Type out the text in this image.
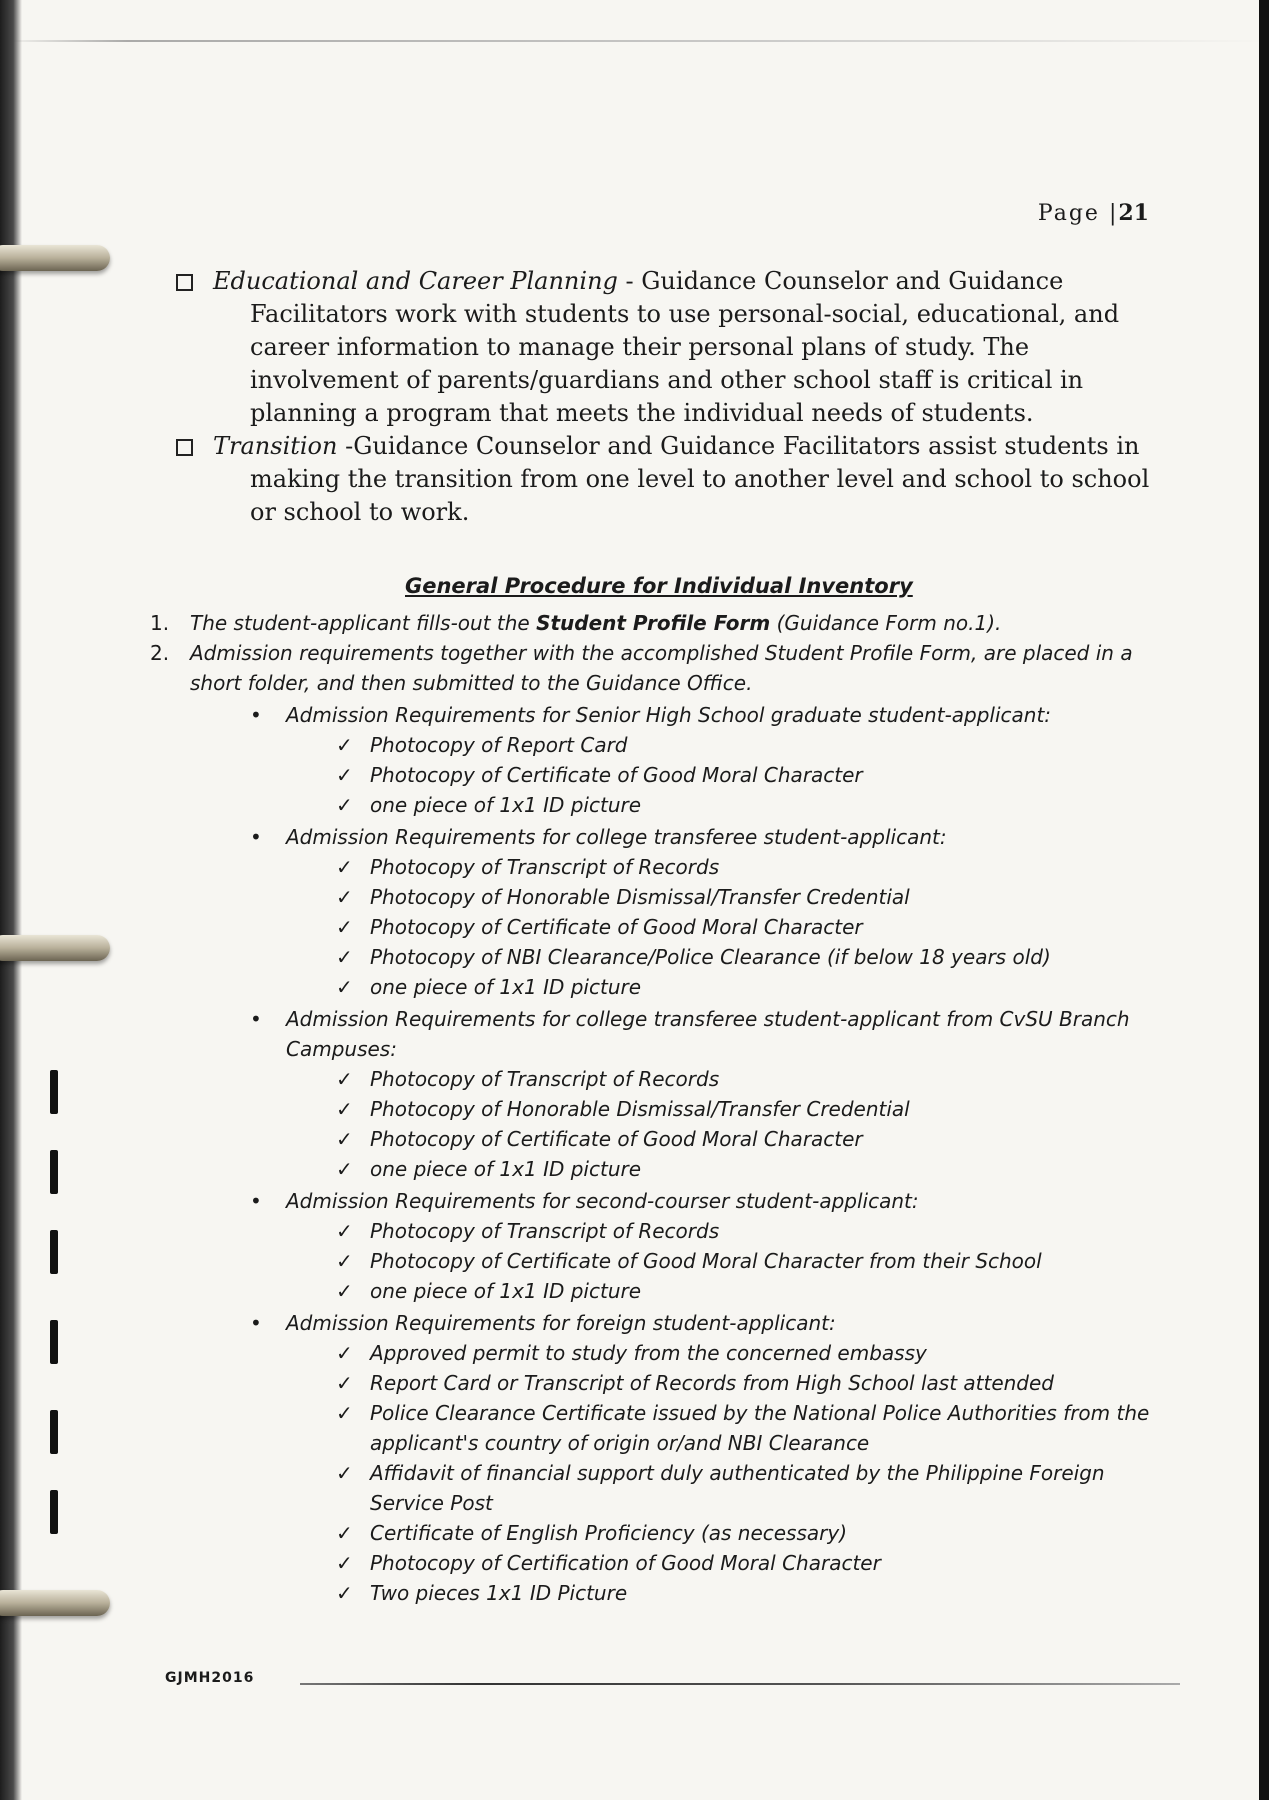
Page |21
Educational and Career Planning - Guidance Counselor and Guidance Facilitators work with students to use personal-social, educational, and career information to manage their personal plans of study. The involvement of parents/guardians and other school staff is critical in planning a program that meets the individual needs of students.
Transition -Guidance Counselor and Guidance Facilitators assist students in making the transition from one level to another level and school to school or school to work.
General Procedure for Individual Inventory
1.	The student-applicant fills-out the Student Profile Form (Guidance Form no.1).
2.	Admission requirements together with the accomplished Student Profile Form, are placed in a short folder, and then submitted to the Guidance Office.
•	Admission Requirements for Senior High School graduate student-applicant:
✓ Photocopy of Report Card
✓ Photocopy of Certificate of Good Moral Character
✓ one piece of 1x1 ID picture
•	Admission Requirements for college transferee student-applicant:
✓ Photocopy of Transcript of Records
✓ Photocopy of Honorable Dismissal/Transfer Credential
✓ Photocopy of Certificate of Good Moral Character
✓ Photocopy of NBI Clearance/Police Clearance (if below 18 years old)
✓ one piece of 1x1 ID picture
•	Admission Requirements for college transferee student-applicant from CvSU Branch Campuses:
✓ Photocopy of Transcript of Records
✓ Photocopy of Honorable Dismissal/Transfer Credential
✓ Photocopy of Certificate of Good Moral Character
✓ one piece of 1x1 ID picture
•	Admission Requirements for second-courser student-applicant:
✓ Photocopy of Transcript of Records
✓ Photocopy of Certificate of Good Moral Character from their School
✓ one piece of 1x1 ID picture
•	Admission Requirements for foreign student-applicant:
✓ Approved permit to study from the concerned embassy
✓ Report Card or Transcript of Records from High School last attended
✓ Police Clearance Certificate issued by the National Police Authorities from the applicant's country of origin or/and NBI Clearance
✓ Affidavit of financial support duly authenticated by the Philippine Foreign Service Post
✓ Certificate of English Proficiency (as necessary)
✓ Photocopy of Certification of Good Moral Character
✓ Two pieces 1x1 ID Picture
GJMH2016
